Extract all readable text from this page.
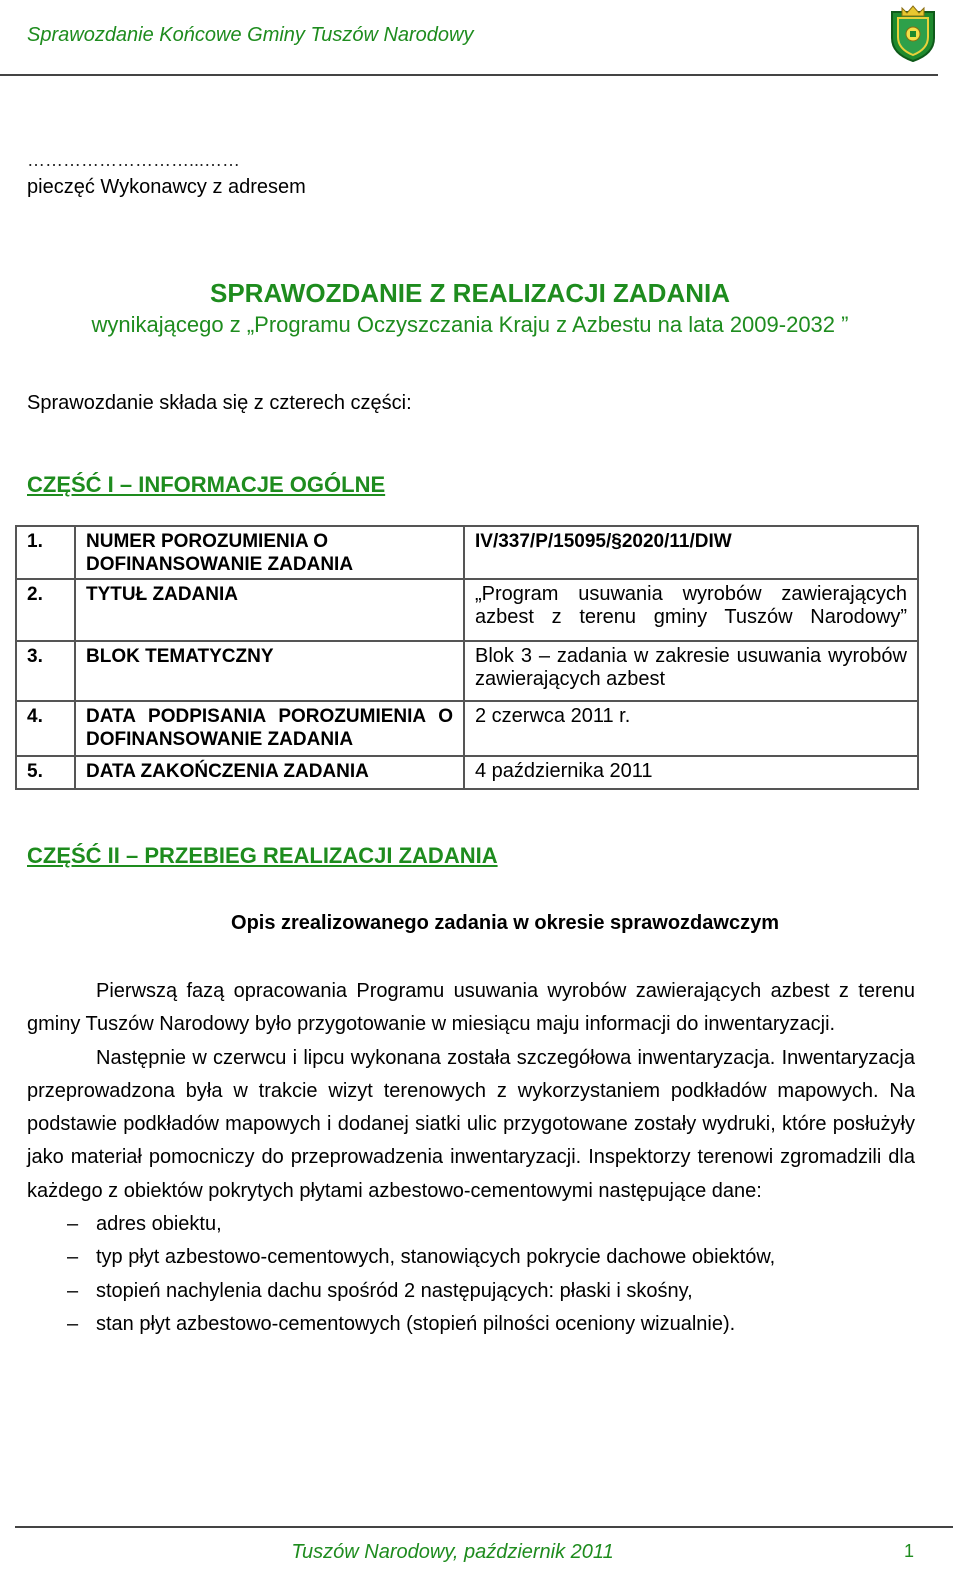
Sprawozdanie Końcowe Gminy Tuszów Narodowy
………………………...……
pieczęć Wykonawcy z adresem
SPRAWOZDANIE Z REALIZACJI ZADANIA
wynikającego z „Programu Oczyszczania Kraju z Azbestu na lata 2009-2032 ”
Sprawozdanie składa się z czterech części:
CZĘŚĆ I – INFORMACJE OGÓLNE
1.	NUMER POROZUMIENIA O DOFINANSOWANIE ZADANIA	IV/337/P/15095/§2020/11/DIW
2.	TYTUŁ ZADANIA	„Program usuwania wyrobów zawierających azbest z terenu gminy Tuszów Narodowy”
3.	BLOK TEMATYCZNY	Blok 3 – zadania w zakresie usuwania wyrobów zawierających azbest
4.	DATA PODPISANIA POROZUMIENIA O DOFINANSOWANIE ZADANIA	2 czerwca 2011 r.
5.	DATA ZAKOŃCZENIA ZADANIA	4 października 2011
CZĘŚĆ II – PRZEBIEG REALIZACJI ZADANIA
Opis zrealizowanego zadania w okresie sprawozdawczym

Pierwszą fazą opracowania Programu usuwania wyrobów zawierających azbest z terenu gminy Tuszów Narodowy było przygotowanie w miesiącu maju informacji do inwentaryzacji.

Następnie w czerwcu i lipcu wykonana została szczegółowa inwentaryzacja. Inwentaryzacja przeprowadzona była w trakcie wizyt terenowych z wykorzystaniem podkładów mapowych. Na podstawie podkładów mapowych i dodanej siatki ulic przygotowane zostały wydruki, które posłużyły jako materiał pomocniczy do przeprowadzenia inwentaryzacji. Inspektorzy terenowi zgromadzili dla każdego z obiektów pokrytych płytami azbestowo-cementowymi następujące dane:

– adres obiektu,
– typ płyt azbestowo-cementowych, stanowiących pokrycie dachowe obiektów,
– stopień nachylenia dachu spośród 2 następujących: płaski i skośny,
– stan płyt azbestowo-cementowych (stopień pilności oceniony wizualnie).
Tuszów Narodowy, październik 2011	1
